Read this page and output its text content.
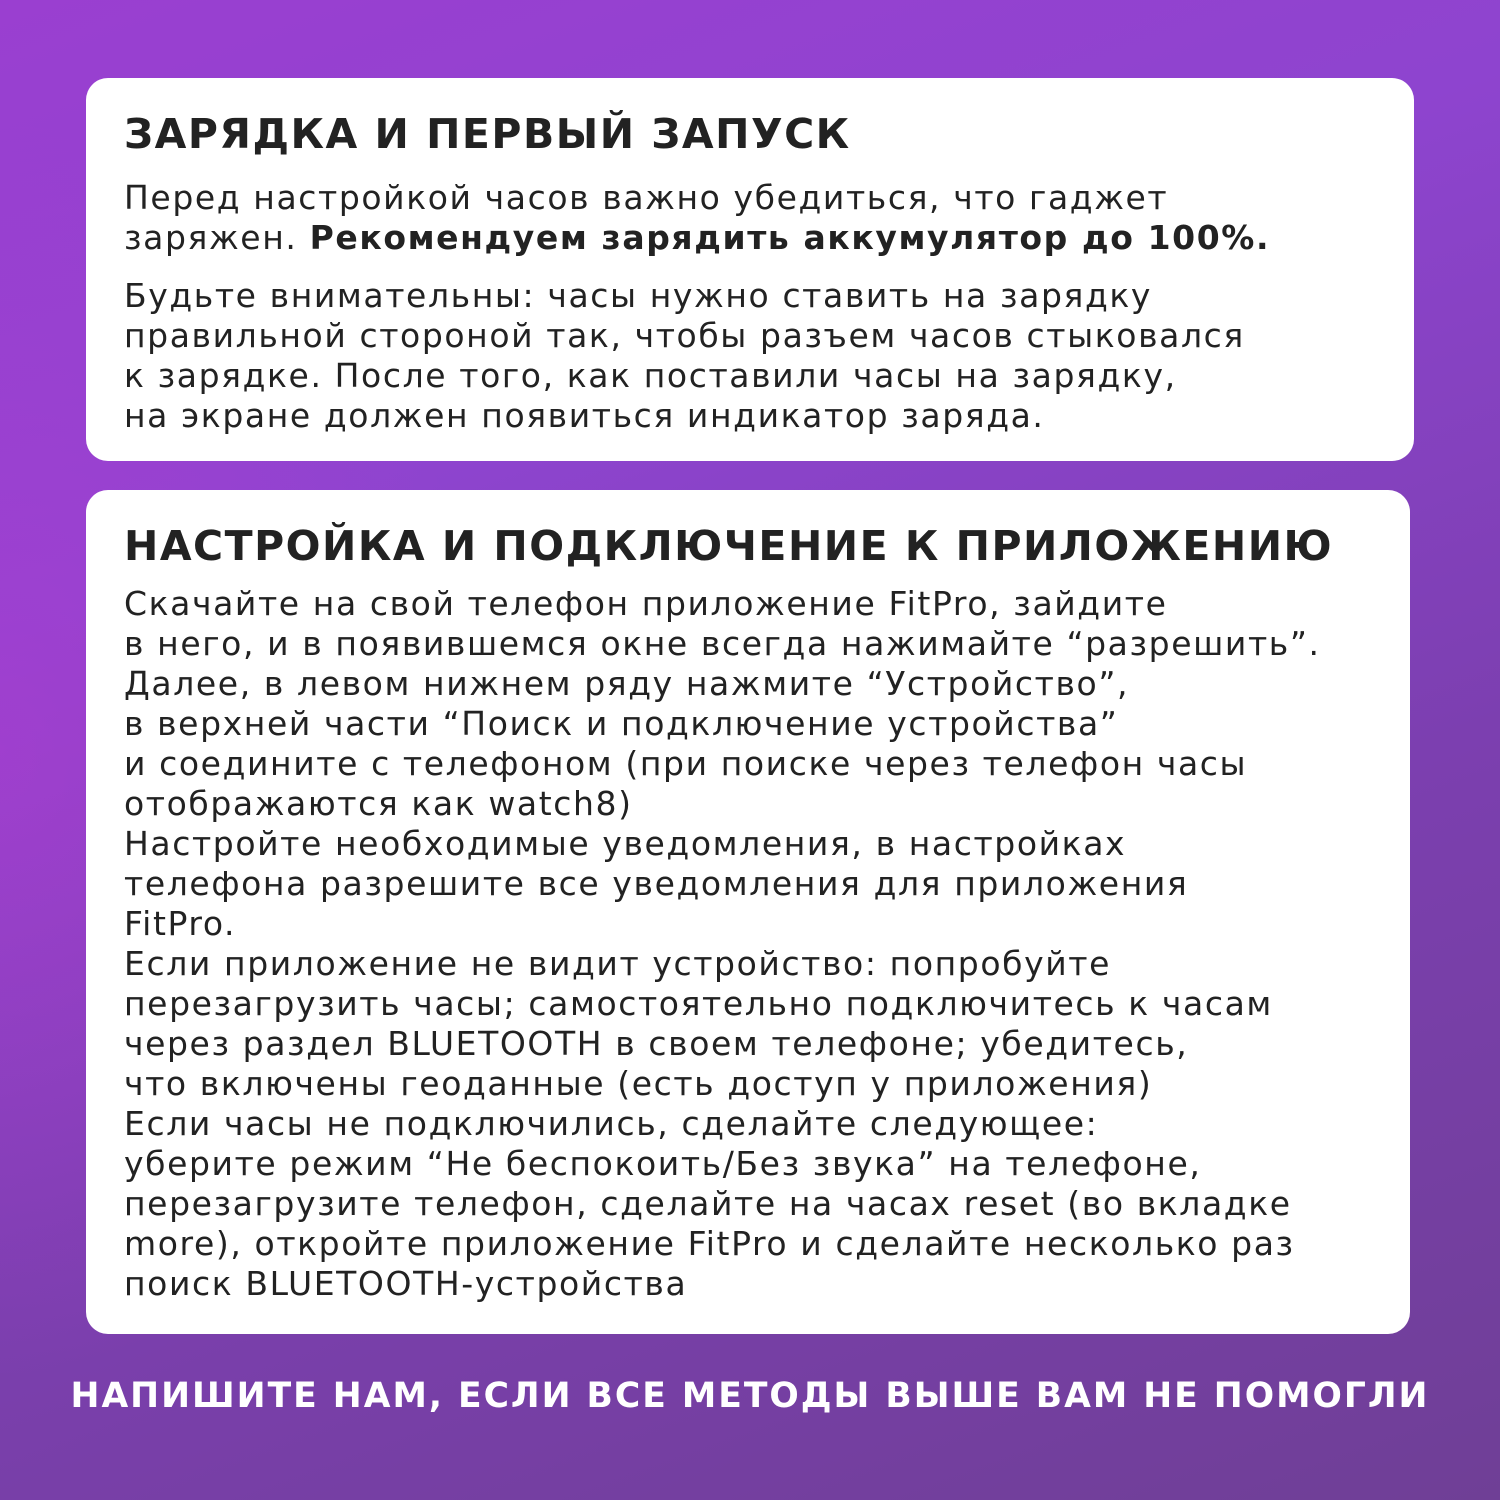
ЗАРЯДКА И ПЕРВЫЙ ЗАПУСК

Перед настройкой часов важно убедиться, что гаджет
заряжен. Рекомендуем зарядить аккумулятор до 100%.

Будьте внимательны: часы нужно ставить на зарядку
правильной стороной так, чтобы разъем часов стыковался
к зарядке. После того, как поставили часы на зарядку,
на экране должен появиться индикатор заряда.

НАСТРОЙКА И ПОДКЛЮЧЕНИЕ К ПРИЛОЖЕНИЮ

Скачайте на свой телефон приложение FitPro, зайдите
в него, и в появившемся окне всегда нажимайте “разрешить”.
Далее, в левом нижнем ряду нажмите “Устройство”,
в верхней части “Поиск и подключение устройства”
и соедините с телефоном (при поиске через телефон часы
отображаются как watch8)
Настройте необходимые уведомления, в настройках
телефона разрешите все уведомления для приложения
FitPro.
Если приложение не видит устройство: попробуйте
перезагрузить часы; самостоятельно подключитесь к часам
через раздел BLUETOOTH в своем телефоне; убедитесь,
что включены геоданные (есть доступ у приложения)
Если часы не подключились, сделайте следующее:
уберите режим “Не беспокоить/Без звука” на телефоне,
перезагрузите телефон, сделайте на часах reset (во вкладке
more), откройте приложение FitPro и сделайте несколько раз
поиск BLUETOOTH-устройства

НАПИШИТЕ НАМ, ЕСЛИ ВСЕ МЕТОДЫ ВЫШЕ ВАМ НЕ ПОМОГЛИ
